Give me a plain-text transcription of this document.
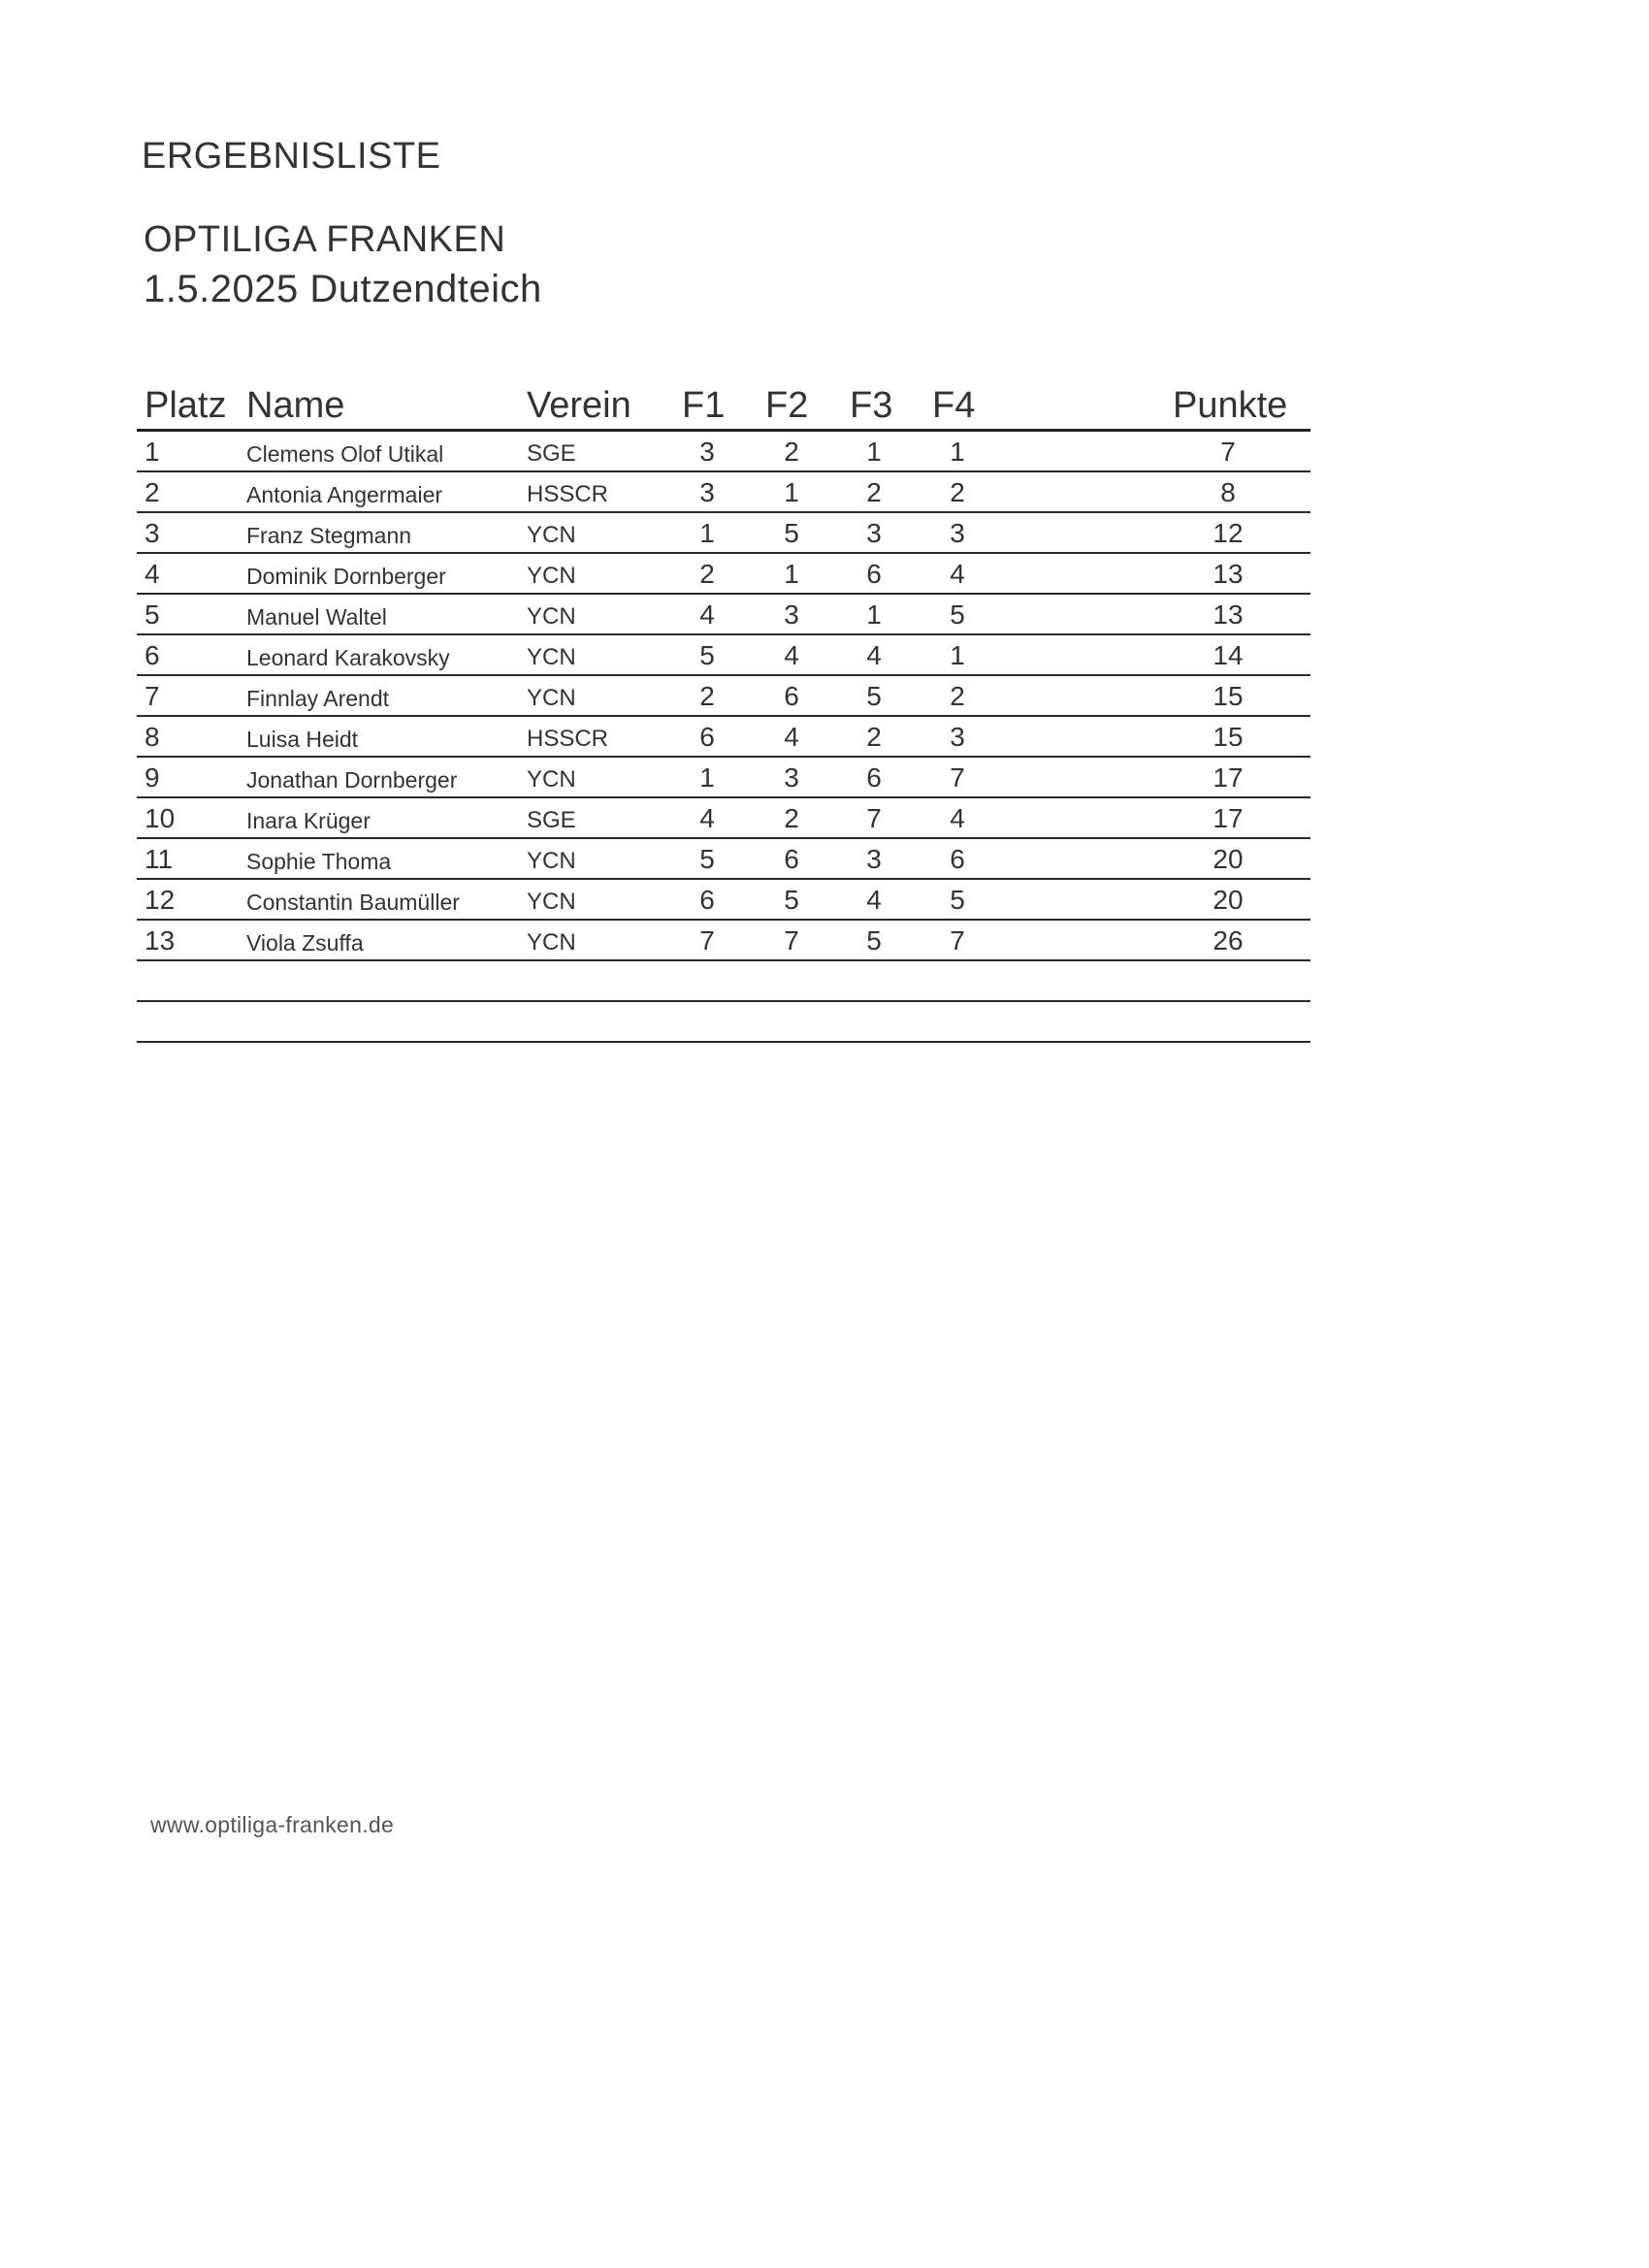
ERGEBNISLISTE
OPTILIGA FRANKEN
1.5.2025 Dutzendteich
Platz Name	Verein F1 F2 F3 F4	Punkte
1	Clemens Olof Utikal	SGE	3	2	1	1	7
2	Antonia Angermaier	HSSCR	3	1	2	2	8
3	Franz Stegmann	YCN	1	5	3	3	12
4	Dominik Dornberger	YCN	2	1	6	4	13
5	Manuel Waltel	YCN	4	3	1	5	13
6	Leonard Karakovsky	YCN	5	4	4	1	14
7	Finnlay Arendt	YCN	2	6	5	2	15
8	Luisa Heidt	HSSCR	6	4	2	3	15
9	Jonathan Dornberger	YCN	1	3	6	7	17
10	Inara Krüger	SGE	4	2	7	4	17
11	Sophie Thoma	YCN	5	6	3	6	20
12	Constantin Baumüller	YCN	6	5	4	5	20
13	Viola Zsuffa	YCN	7	7	5	7	26
www.optiliga-franken.de
